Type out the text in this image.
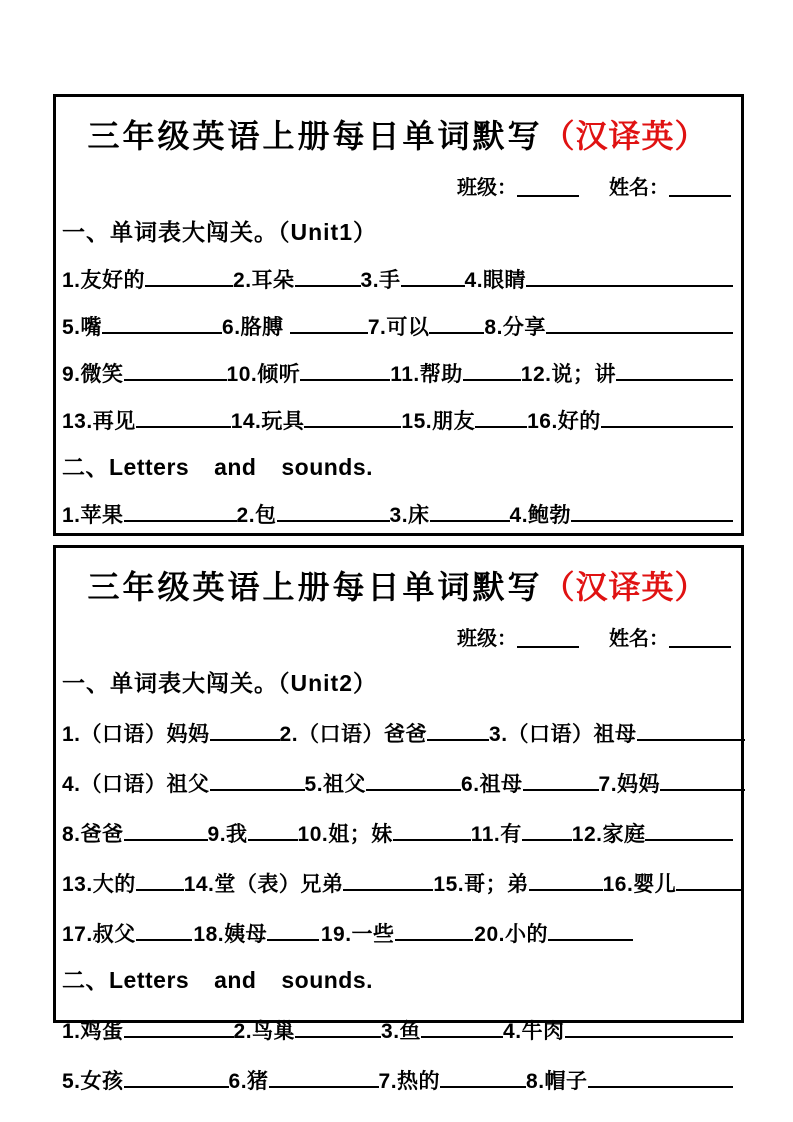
三年级英语上册每日单词默写（汉译英）
班级：	姓名：
一、单词表大闯关。（Unit1）
1.友好的	2.耳朵	3.手	4.眼睛
5.嘴	6.胳膊	7.可以	8.分享
9.微笑	10.倾听	11.帮助	12.说；讲
13.再见	14.玩具	15.朋友 16.好的
二、Letters and sounds.
1.苹果	2.包	3.床	4.鲍勃
三年级英语上册每日单词默写（汉译英）
班级：	姓名：
一、单词表大闯关。（Unit2）
1.（口语）妈妈	2.（口语）爸爸	3.（口语）祖母
4.（口语）祖父	5.祖父	6.祖母	7.妈妈
8.爸爸	9.我 10.姐；妹	11.有 12.家庭
13.大的 14.堂（表）兄弟	15.哥；弟	16.婴儿
17.叔父	18.姨母	19.一些	20.小的
二、Letters and sounds.
1.鸡蛋	2.鸟巢	3.鱼	4.牛肉
5.女孩	6.猪	7.热的	8.帽子
